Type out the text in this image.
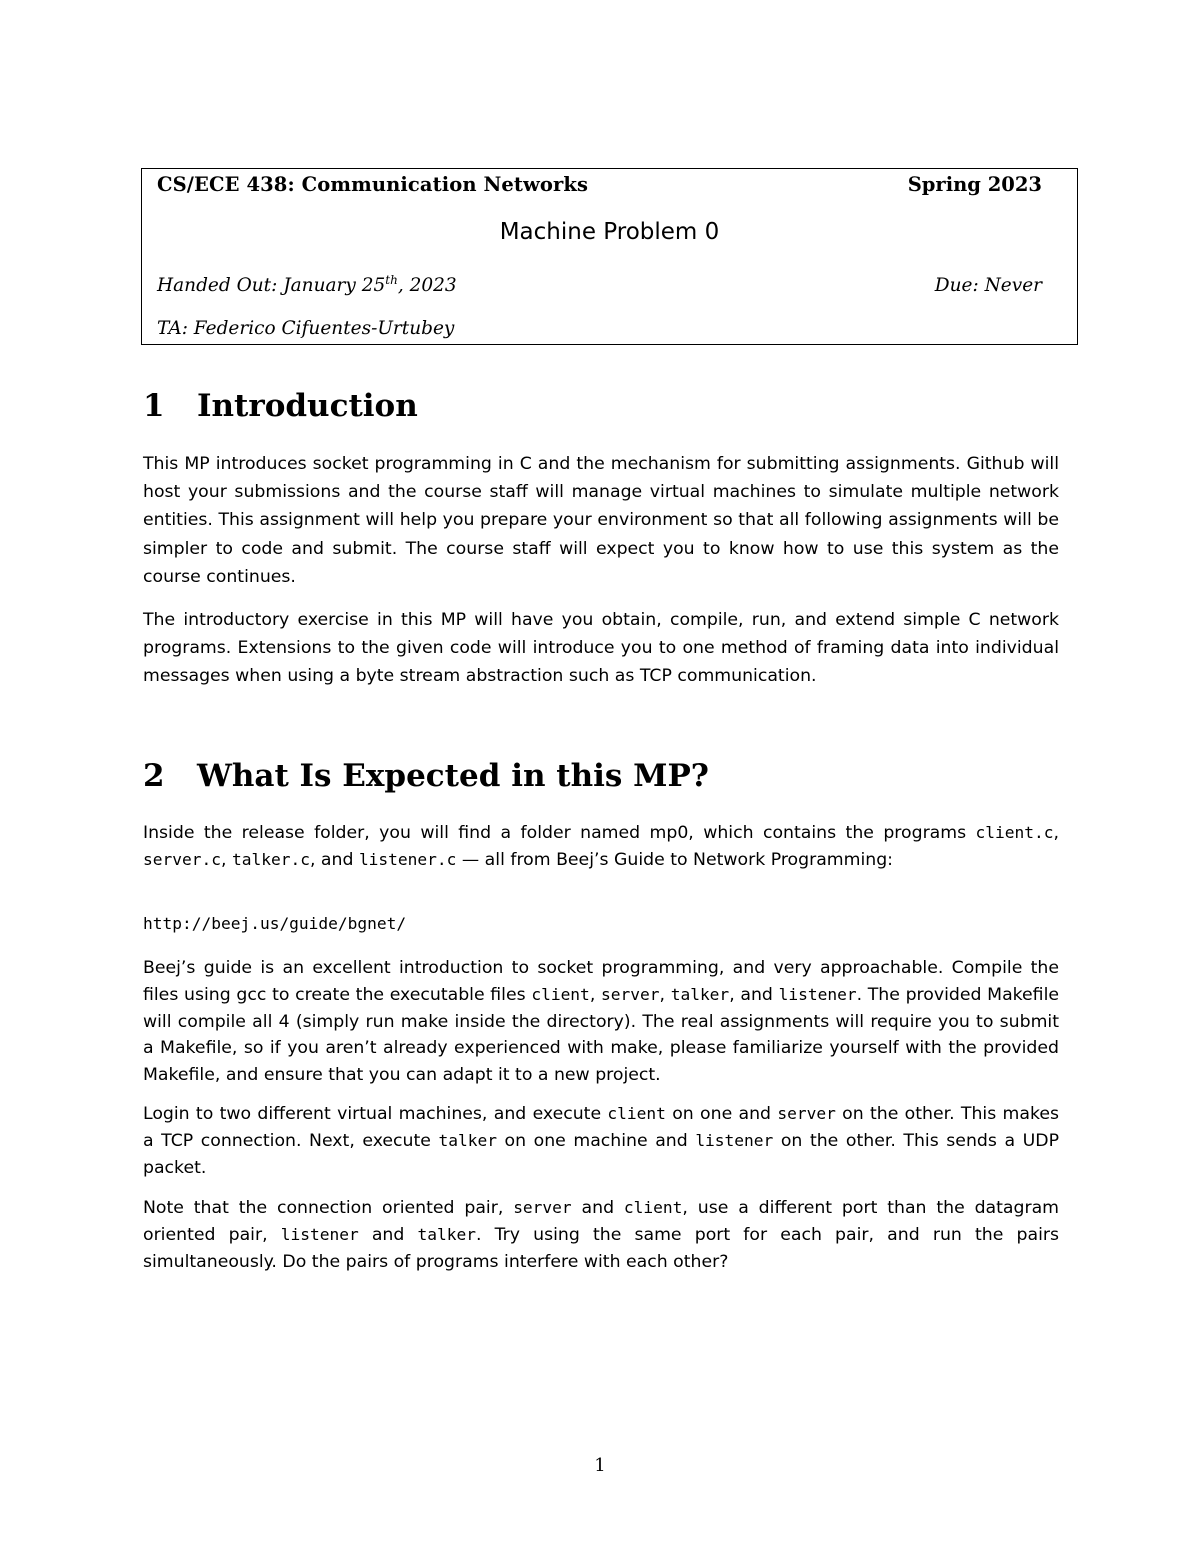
CS/ECE 438: Communication Networks	Spring 2023
Machine Problem 0
Handed Out: January 25th, 2023	Due: Never
TA: Federico Cifuentes-Urtubey
1 Introduction

This MP introduces socket programming in C and the mechanism for submitting assignments. Github will host your submissions and the course staff will manage virtual machines to simulate multiple network entities. This assignment will help you prepare your environment so that all following assignments will be simpler to code and submit. The course staff will expect you to know how to use this system as the course continues.

The introductory exercise in this MP will have you obtain, compile, run, and extend simple C network programs. Extensions to the given code will introduce you to one method of framing data into individual messages when using a byte stream abstraction such as TCP communication.

2 What Is Expected in this MP?

Inside the release folder, you will find a folder named mp0, which contains the programs client.c, server.c, talker.c, and listener.c — all from Beej’s Guide to Network Programming:

http://beej.us/guide/bgnet/

Beej’s guide is an excellent introduction to socket programming, and very approachable. Compile the files using gcc to create the executable files client, server, talker, and listener. The provided Makefile will compile all 4 (simply run make inside the directory). The real assignments will require you to submit a Makefile, so if you aren’t already experienced with make, please familiarize yourself with the provided Makefile, and ensure that you can adapt it to a new project.

Login to two different virtual machines, and execute client on one and server on the other. This makes a TCP connection. Next, execute talker on one machine and listener on the other. This sends a UDP packet.

Note that the connection oriented pair, server and client, use a different port than the datagram oriented pair, listener and talker. Try using the same port for each pair, and run the pairs simultaneously. Do the pairs of programs interfere with each other?

1
